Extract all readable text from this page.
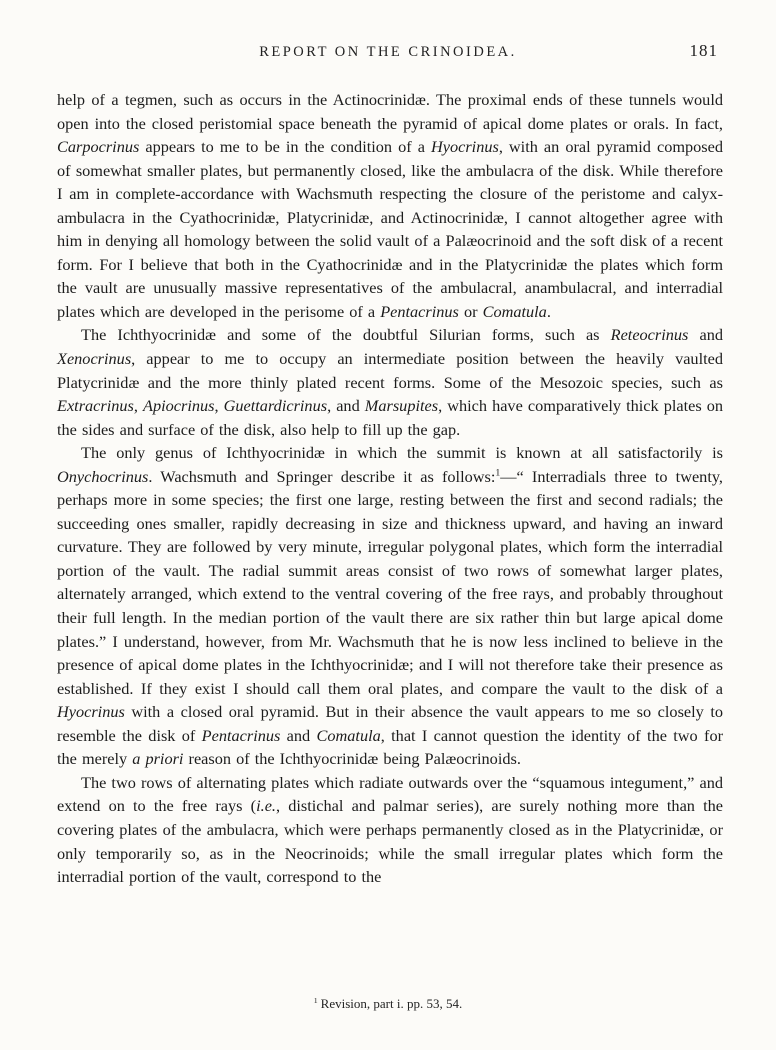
REPORT ON THE CRINOIDEA.	181

help of a tegmen, such as occurs in the Actinocrinidæ. The proximal ends of these tunnels would open into the closed peristomial space beneath the pyramid of apical dome plates or orals. In fact, Carpocrinus appears to me to be in the condition of a Hyocrinus, with an oral pyramid composed of somewhat smaller plates, but permanently closed, like the ambulacra of the disk. While therefore I am in complete-accordance with Wachsmuth respecting the closure of the peristome and calyx-ambulacra in the Cyathocrinidæ, Platycrinidæ, and Actinocrinidæ, I cannot altogether agree with him in denying all homology between the solid vault of a Palæocrinoid and the soft disk of a recent form. For I believe that both in the Cyathocrinidæ and in the Platycrinidæ the plates which form the vault are unusually massive representatives of the ambulacral, anambulacral, and interradial plates which are developed in the perisome of a Pentacrinus or Comatula.

The Ichthyocrinidæ and some of the doubtful Silurian forms, such as Reteocrinus and Xenocrinus, appear to me to occupy an intermediate position between the heavily vaulted Platycrinidæ and the more thinly plated recent forms. Some of the Mesozoic species, such as Extracrinus, Apiocrinus, Guettardicrinus, and Marsupites, which have comparatively thick plates on the sides and surface of the disk, also help to fill up the gap.

The only genus of Ichthyocrinidæ in which the summit is known at all satisfactorily is Onychocrinus. Wachsmuth and Springer describe it as follows:$^1$—“ Interradials three to twenty, perhaps more in some species; the first one large, resting between the first and second radials; the succeeding ones smaller, rapidly decreasing in size and thickness upward, and having an inward curvature. They are followed by very minute, irregular polygonal plates, which form the interradial portion of the vault. The radial summit areas consist of two rows of somewhat larger plates, alternately arranged, which extend to the ventral covering of the free rays, and probably throughout their full length. In the median portion of the vault there are six rather thin but large apical dome plates.” I understand, however, from Mr. Wachsmuth that he is now less inclined to believe in the presence of apical dome plates in the Ichthyocrinidæ; and I will not therefore take their presence as established. If they exist I should call them oral plates, and compare the vault to the disk of a Hyocrinus with a closed oral pyramid. But in their absence the vault appears to me so closely to resemble the disk of Pentacrinus and Comatula, that I cannot question the identity of the two for the merely a priori reason of the Ichthyocrinidæ being Palæocrinoids.

The two rows of alternating plates which radiate outwards over the “squamous integument,” and extend on to the free rays (i.e., distichal and palmar series), are surely nothing more than the covering plates of the ambulacra, which were perhaps permanently closed as in the Platycrinidæ, or only temporarily so, as in the Neocrinoids; while the small irregular plates which form the interradial portion of the vault, correspond to the

$^1$ Revision, part i. pp. 53, 54.
